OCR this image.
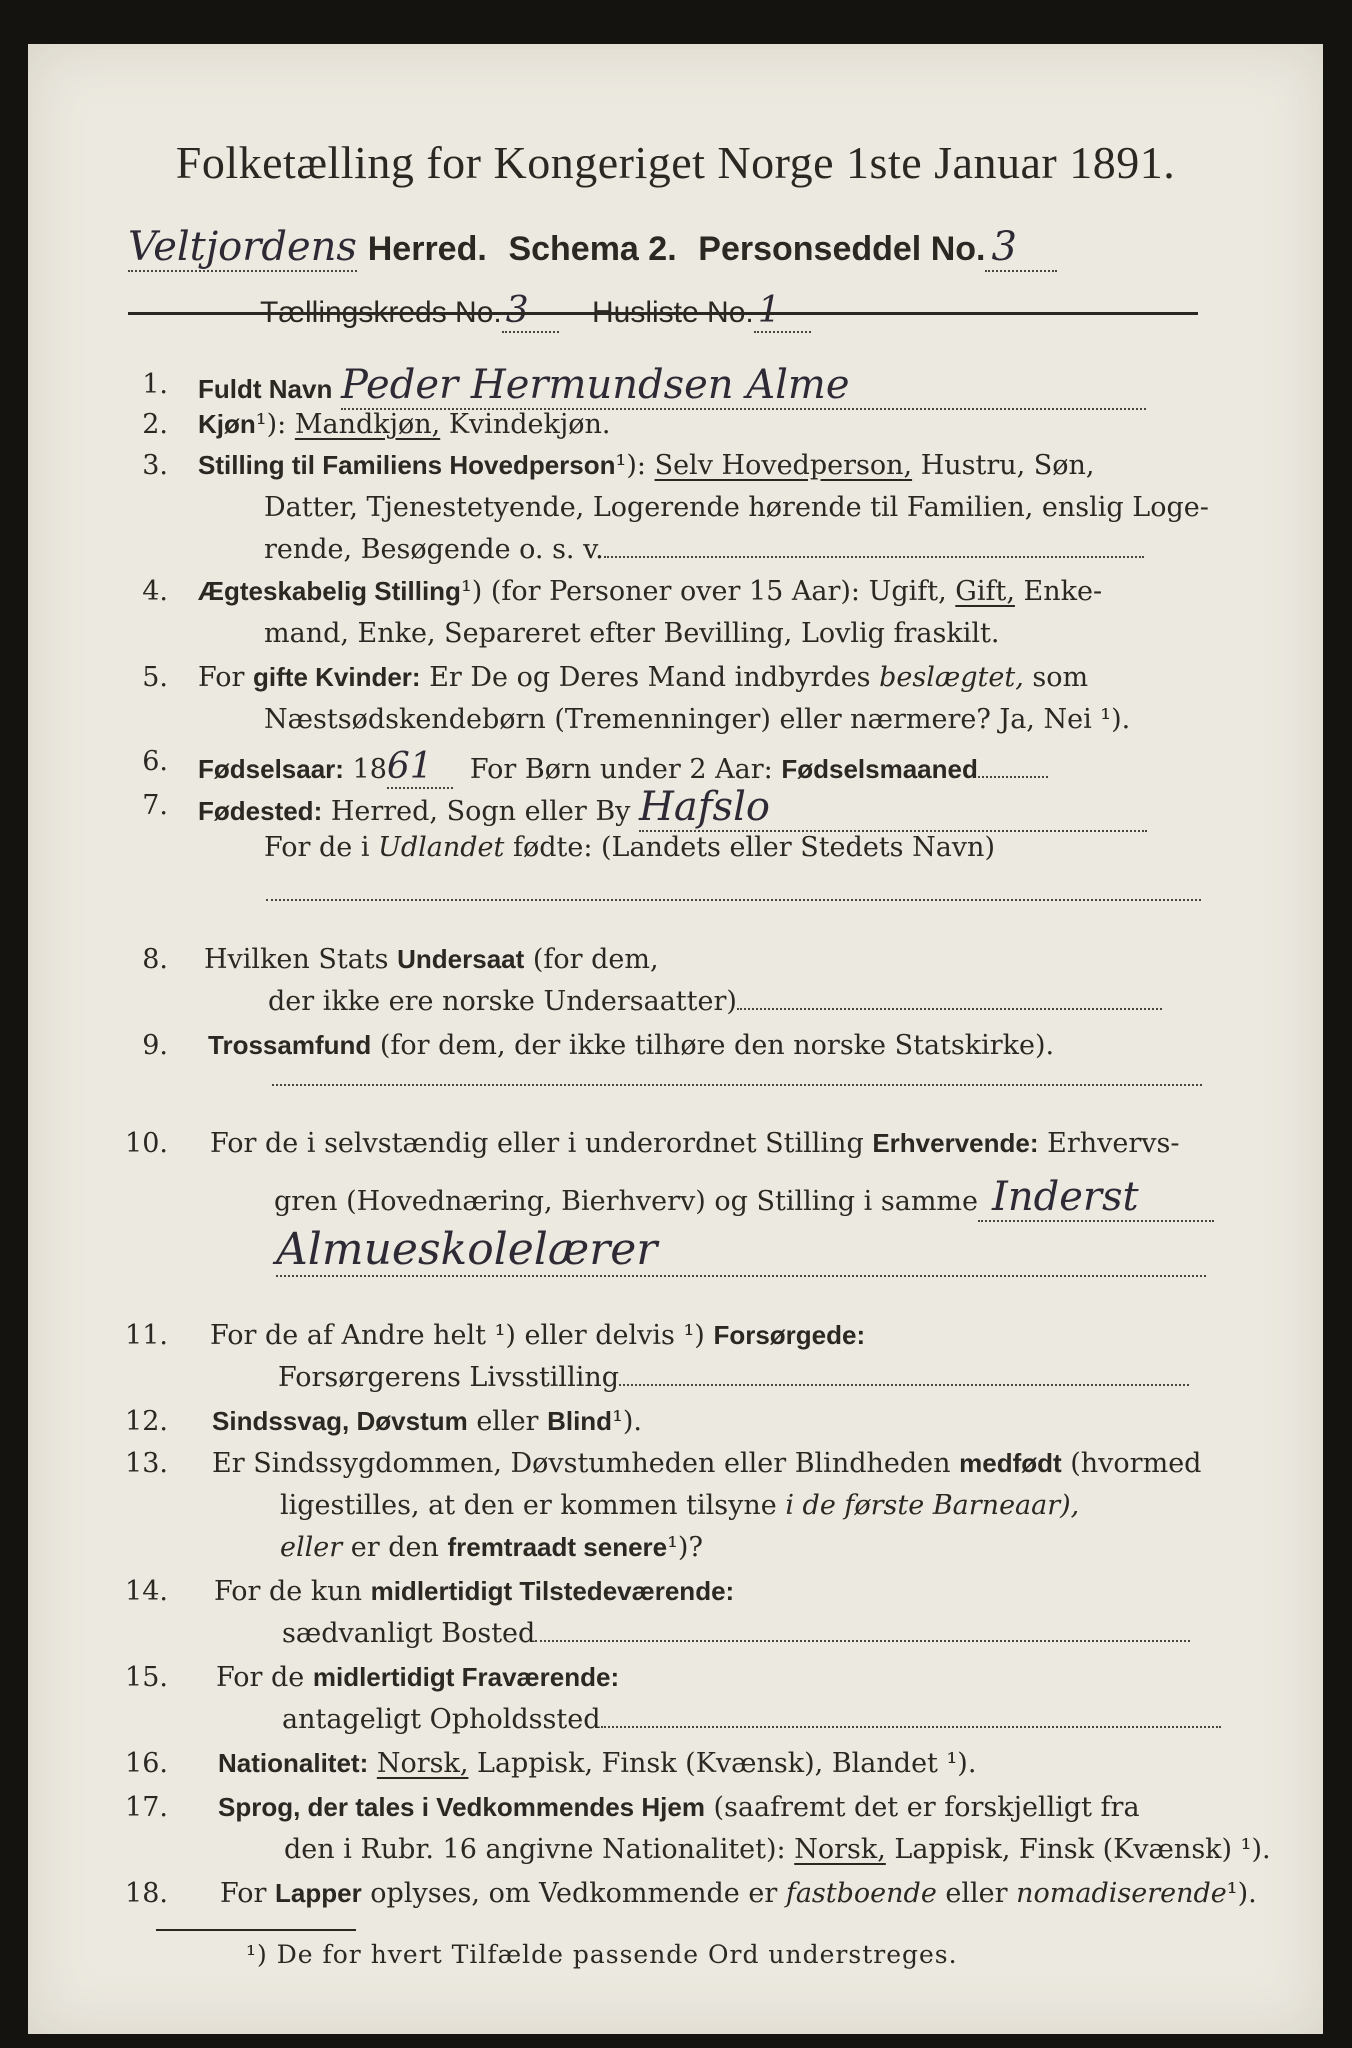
Folketælling for Kongeriget Norge 1ste Januar 1891.
Veltjordens Herred. Schema 2. Personseddel No. 3
Tællingskreds No. 3 Husliste No. 1
1. Fuldt Navn Peder Hermundsen Alme
2. Kjøn¹): Mandkjøn, Kvindekjøn.
3. Stilling til Familiens Hovedperson¹): Selv Hovedperson, Hustru, Søn,
Datter, Tjenestetyende, Logerende hørende til Familien, enslig Loge-
rende, Besøgende o. s. v.
4. Ægteskabelig Stilling¹) (for Personer over 15 Aar): Ugift, Gift, Enke-
mand, Enke, Separeret efter Bevilling, Lovlig fraskilt.
5. For gifte Kvinder: Er De og Deres Mand indbyrdes beslægtet, som
Næstsødskendebørn (Tremenninger) eller nærmere? Ja, Nei ¹).
6. Fødselsaar: 1861 For Børn under 2 Aar: Fødselsmaaned
7. Fødested: Herred, Sogn eller By Hafslo
For de i Udlandet fødte: (Landets eller Stedets Navn)
8. Hvilken Stats Undersaat (for dem,
der ikke ere norske Undersaatter)
9. Trossamfund (for dem, der ikke tilhøre den norske Statskirke).
10. For de i selvstændig eller i underordnet Stilling Erhvervende: Erhvervs-
gren (Hovednæring, Bierhverv) og Stilling i samme Inderst
Almueskolelærer
11. For de af Andre helt ¹) eller delvis ¹) Forsørgede:
Forsørgerens Livsstilling
12. Sindssvag, Døvstum eller Blind¹).
13. Er Sindssygdommen, Døvstumheden eller Blindheden medfødt (hvormed
ligestilles, at den er kommen tilsyne i de første Barneaar),
eller er den fremtraadt senere¹)?
14. For de kun midlertidigt Tilstedeværende:
sædvanligt Bosted
15. For de midlertidigt Fraværende:
antageligt Opholdssted
16. Nationalitet: Norsk, Lappisk, Finsk (Kvænsk), Blandet ¹).
17. Sprog, der tales i Vedkommendes Hjem (saafremt det er forskjelligt fra
den i Rubr. 16 angivne Nationalitet): Norsk, Lappisk, Finsk (Kvænsk) ¹).
18. For Lapper oplyses, om Vedkommende er fastboende eller nomadiserende¹).
¹) De for hvert Tilfælde passende Ord understreges.
